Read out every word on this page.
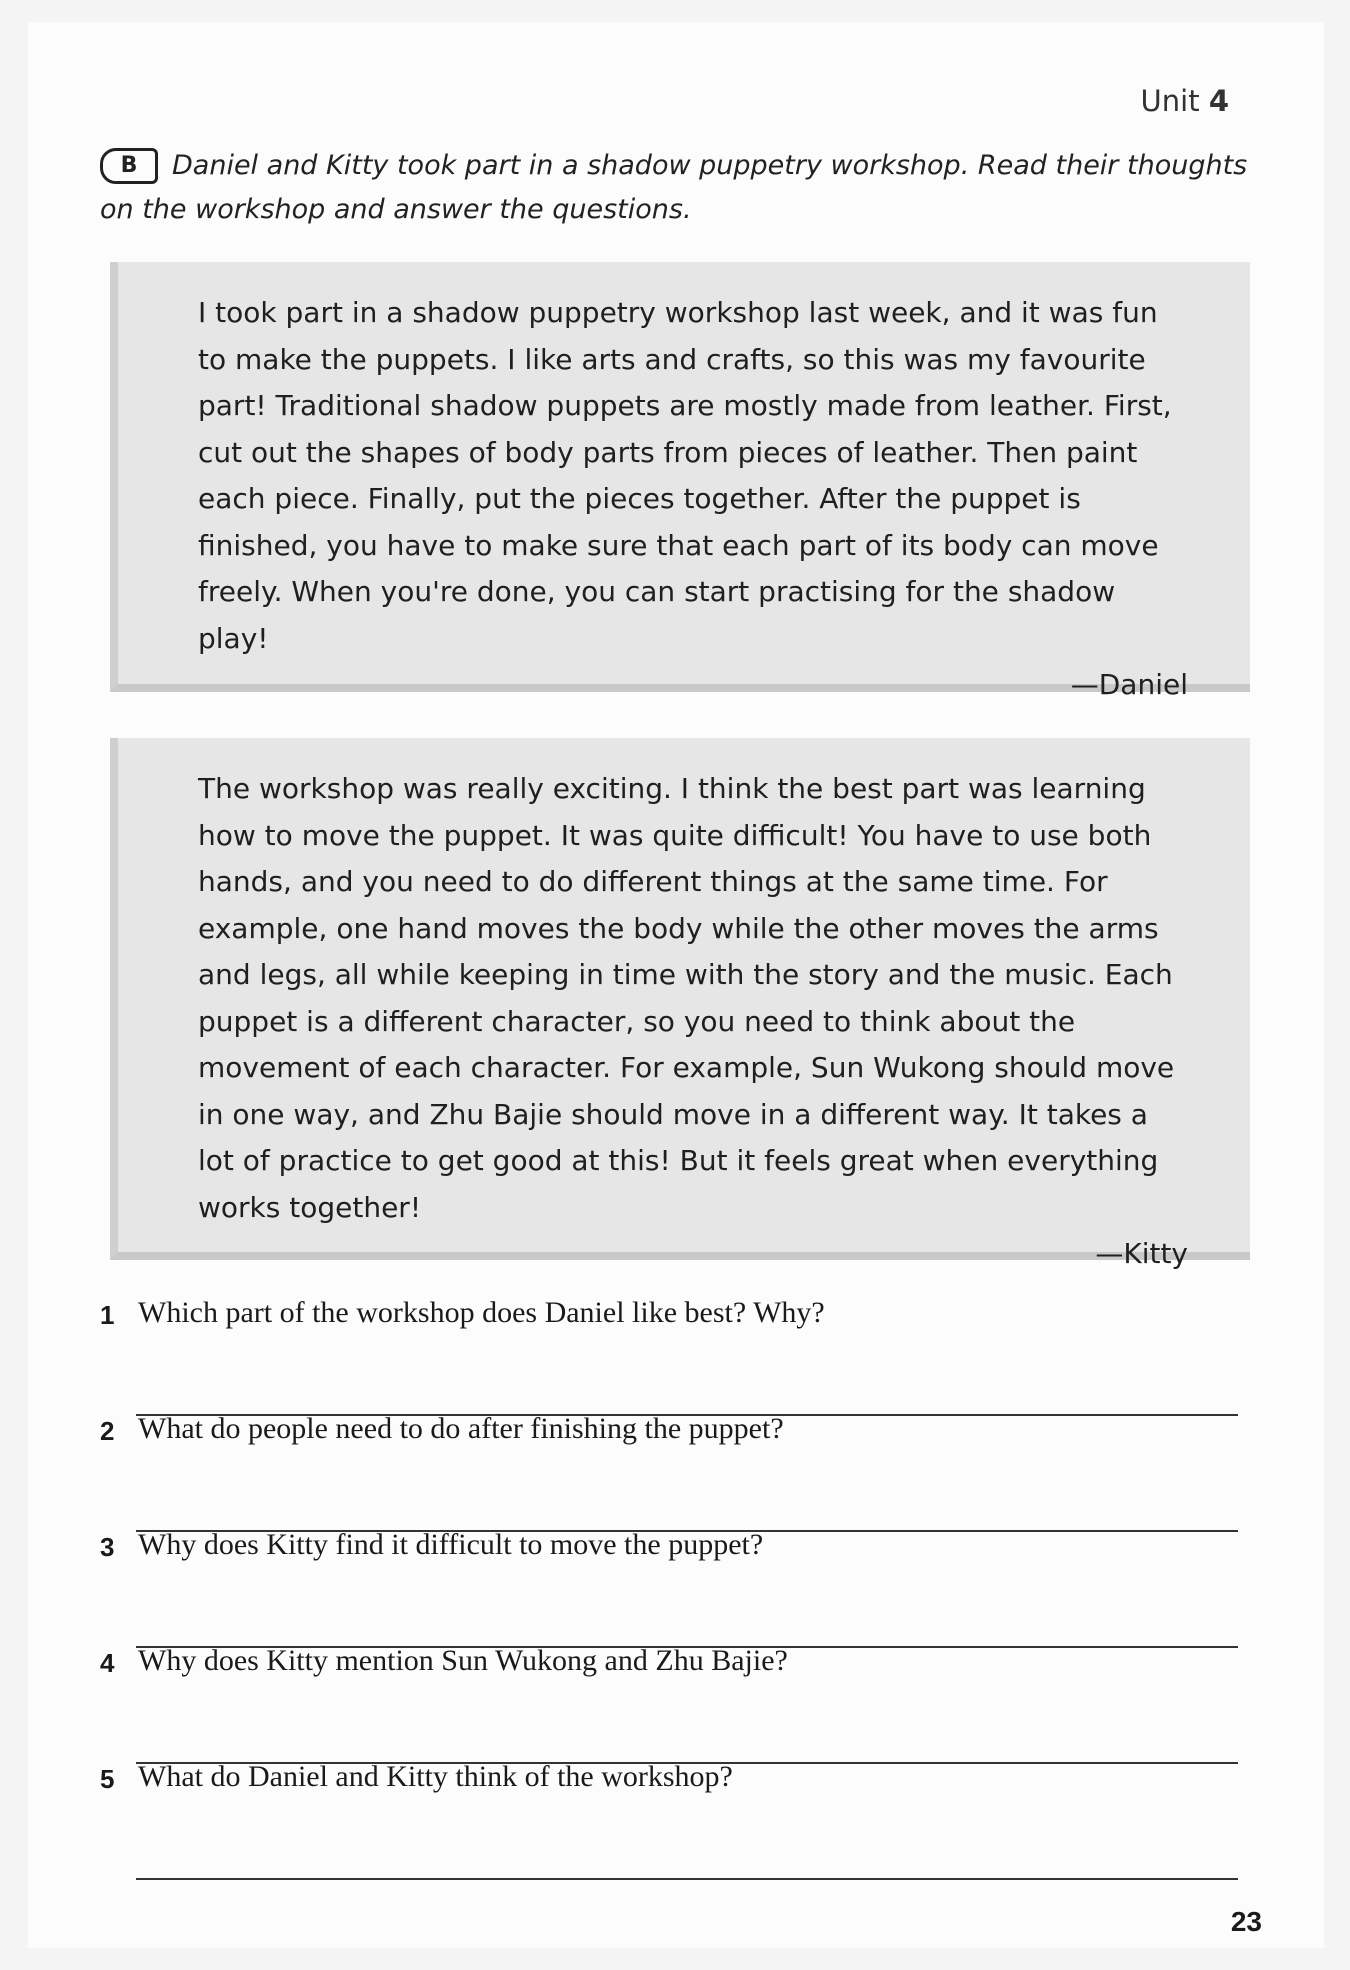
Unit 4
B Daniel and Kitty took part in a shadow puppetry workshop. Read their thoughts on the workshop and answer the questions.

I took part in a shadow puppetry workshop last week, and it was fun to make the puppets. I like arts and crafts, so this was my favourite part! Traditional shadow puppets are mostly made from leather. First, cut out the shapes of body parts from pieces of leather. Then paint each piece. Finally, put the pieces together. After the puppet is finished, you have to make sure that each part of its body can move freely. When you're done, you can start practising for the shadow play!

—Daniel

The workshop was really exciting. I think the best part was learning how to move the puppet. It was quite difficult! You have to use both hands, and you need to do different things at the same time. For example, one hand moves the body while the other moves the arms and legs, all while keeping in time with the story and the music. Each puppet is a different character, so you need to think about the movement of each character. For example, Sun Wukong should move in one way, and Zhu Bajie should move in a different way. It takes a lot of practice to get good at this! But it feels great when everything works together!

—Kitty

1 Which part of the workshop does Daniel like best? Why?
2 What do people need to do after finishing the puppet?
3 Why does Kitty find it difficult to move the puppet?
4 Why does Kitty mention Sun Wukong and Zhu Bajie?
5 What do Daniel and Kitty think of the workshop?
23
